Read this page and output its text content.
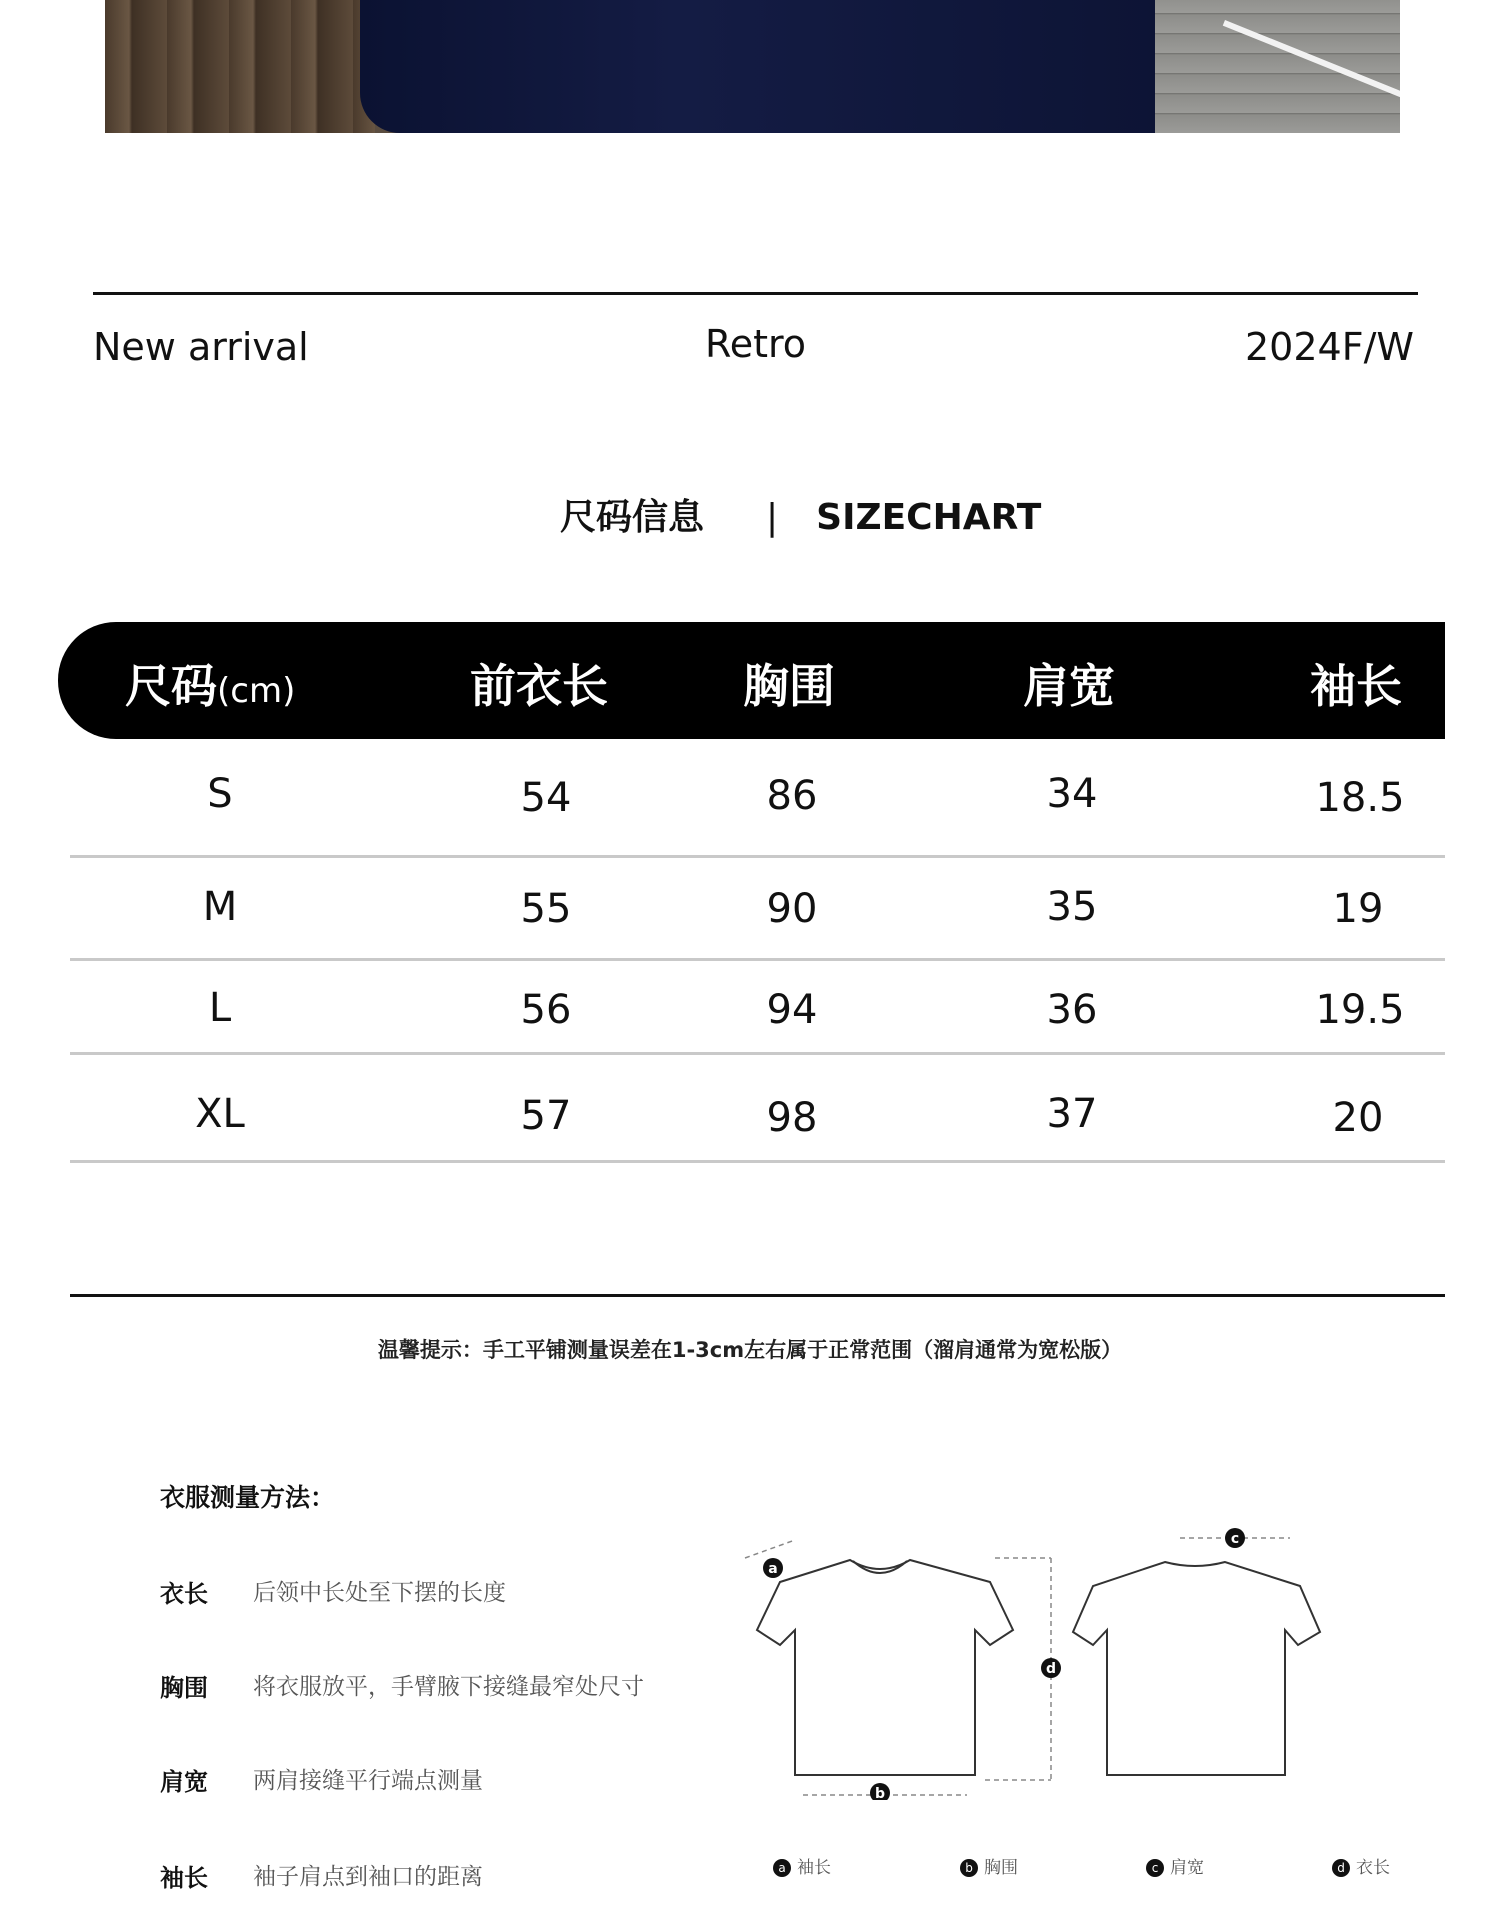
New arrival	Retro	2024F/W
尺码信息 | SIZECHART
尺码(cm)	前衣长	胸围	肩宽	袖长
S	54	86	34	18.5
M	55	90	35	19
L	56	94	36	19.5
XL	57	98	37	20
温馨提示：手工平铺测量误差在1-3cm左右属于正常范围（溜肩通常为宽松版）
衣服测量方法：
衣长 后领中长处至下摆的长度
胸围 将衣服放平，手臂腋下接缝最窄处尺寸
肩宽 两肩接缝平行端点测量
袖长 袖子肩点到袖口的距离
a
b
c
d
a 袖长	b 胸围	c 肩宽	d 衣长
